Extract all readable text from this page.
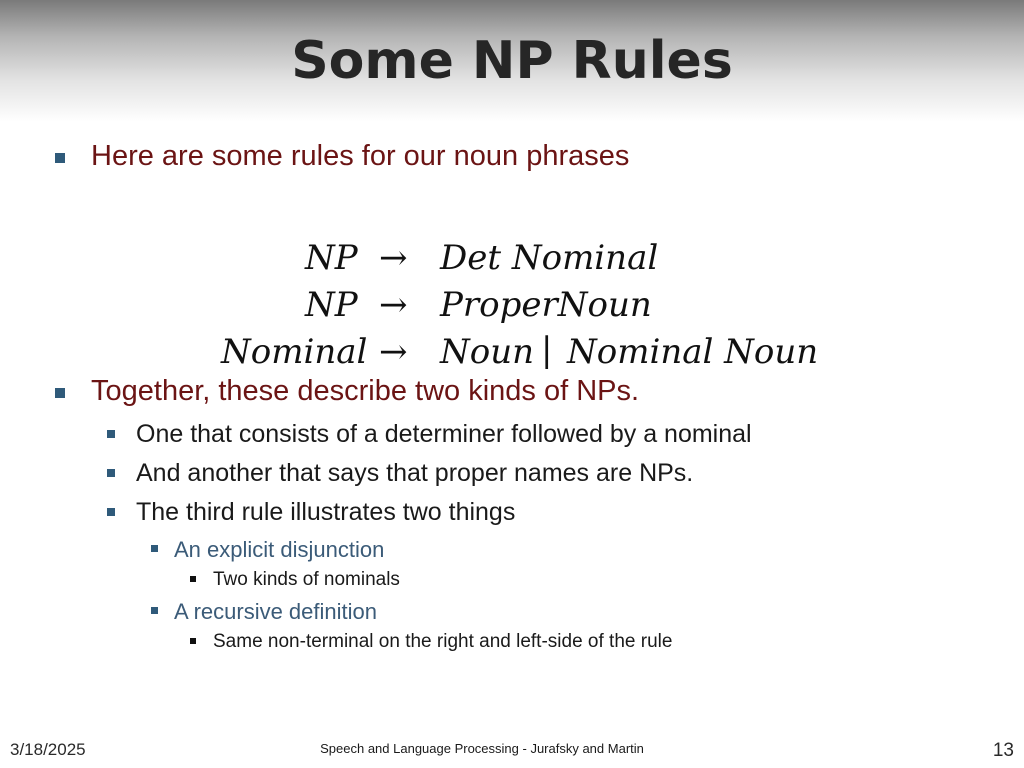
Some NP Rules
Here are some rules for our noun phrases
NP → Det Nominal
NP → ProperNoun
Nominal → Noun | Nominal Noun
Together, these describe two kinds of NPs.
One that consists of a determiner followed by a nominal
And another that says that proper names are NPs.
The third rule illustrates two things
An explicit disjunction
Two kinds of nominals
A recursive definition
Same non-terminal on the right and left-side of the rule
3/18/2025	Speech and Language Processing - Jurafsky and Martin	13
